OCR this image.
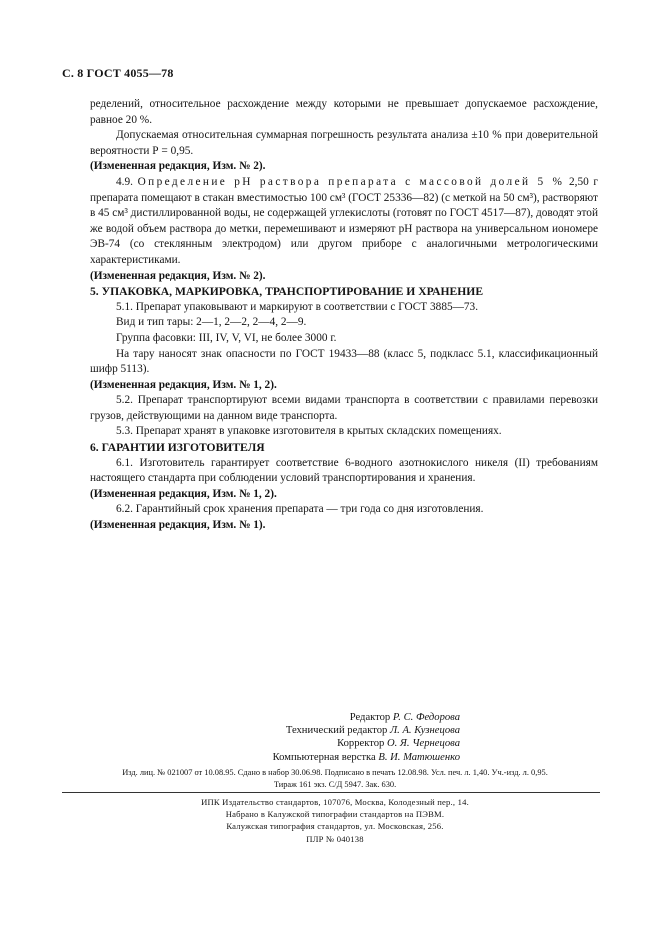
С. 8 ГОСТ 4055—78

ределений, относительное расхождение между которыми не превышает допускаемое расхождение, равное 20 %.

Допускаемая относительная суммарная погрешность результата анализа ±10 % при доверительной вероятности Р = 0,95.

(Измененная редакция, Изм. № 2).

4.9. Определение рН раствора препарата с массовой долей 5 % 2,50 г препарата помещают в стакан вместимостью 100 см³ (ГОСТ 25336—82) (с меткой на 50 см³), растворяют в 45 см³ дистиллированной воды, не содержащей углекислоты (готовят по ГОСТ 4517—87), доводят этой же водой объем раствора до метки, перемешивают и измеряют рН раствора на универсальном иономере ЭВ-74 (со стеклянным электродом) или другом приборе с аналогичными метрологическими характеристиками.

(Измененная редакция, Изм. № 2).

5. УПАКОВКА, МАРКИРОВКА, ТРАНСПОРТИРОВАНИЕ И ХРАНЕНИЕ

5.1. Препарат упаковывают и маркируют в соответствии с ГОСТ 3885—73.

Вид и тип тары: 2—1, 2—2, 2—4, 2—9.

Группа фасовки: III, IV, V, VI, не более 3000 г.

На тару наносят знак опасности по ГОСТ 19433—88 (класс 5, подкласс 5.1, классификационный шифр 5113).

(Измененная редакция, Изм. № 1, 2).

5.2. Препарат транспортируют всеми видами транспорта в соответствии с правилами перевозки грузов, действующими на данном виде транспорта.

5.3. Препарат хранят в упаковке изготовителя в крытых складских помещениях.

6. ГАРАНТИИ ИЗГОТОВИТЕЛЯ

6.1. Изготовитель гарантирует соответствие 6-водного азотнокислого никеля (II) требованиям настоящего стандарта при соблюдении условий транспортирования и хранения.

(Измененная редакция, Изм. № 1, 2).

6.2. Гарантийный срок хранения препарата — три года со дня изготовления.

(Измененная редакция, Изм. № 1).

Редактор Р. С. Федорова
Технический редактор Л. А. Кузнецова
Корректор О. Я. Чернецова
Компьютерная верстка В. И. Матюшенко
Изд. лиц. № 021007 от 10.08.95. Сдано в набор 30.06.98. Подписано в печать 12.08.98. Усл. печ. л. 1,40. Уч.-изд. л. 0,95.
Тираж 161 экз. С/Д 5947. Зак. 630.
ИПК Издательство стандартов, 107076, Москва, Колодезный пер., 14.
Набрано в Калужской типографии стандартов на ПЭВМ.
Калужская типография стандартов, ул. Московская, 256.
ПЛР № 040138
